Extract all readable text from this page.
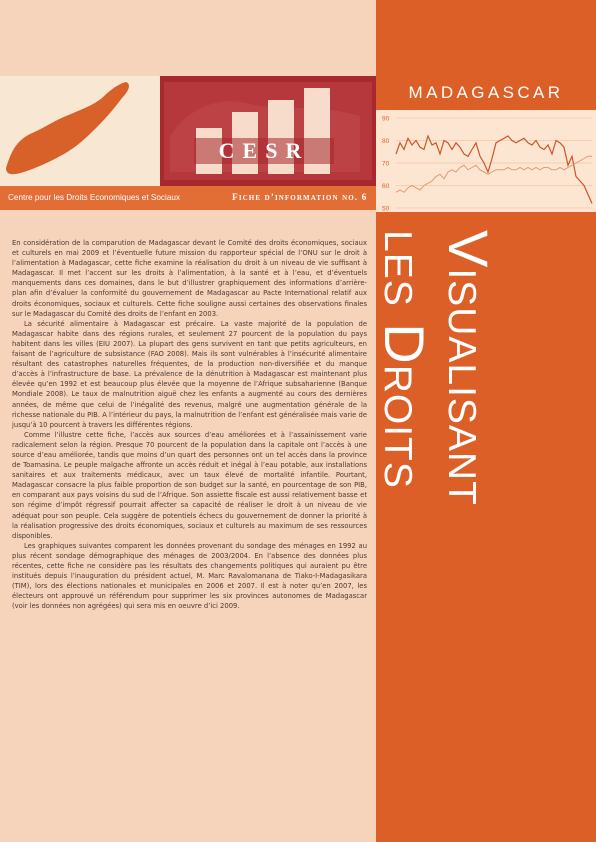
CESR
Centre pour les Droits Economiques et Sociaux	Fiche d’information no. 6
MADAGASCAR
90
80
70
60
50

En considération de la comparution de Madagascar devant le Comité des droits économiques, sociaux et culturels en mai 2009 et l’éventuelle future mission du rapporteur spécial de l’ONU sur le droit à l’alimentation à Madagascar, cette fiche examine la réalisation du droit à un niveau de vie suffisant à Madagascar. Il met l’accent sur les droits à l’alimentation, à la santé et à l’eau, et d’éventuels manquements dans ces domaines, dans le but d’illustrer graphiquement des informations d’arrière-plan afin d’évaluer la conformité du gouvernement de Madagascar au Pacte International relatif aux droits économiques, sociaux et culturels. Cette fiche souligne aussi certaines des observations finales sur le Madagascar du Comité des droits de l’enfant en 2003.

La sécurité alimentaire à Madagascar est précaire. La vaste majorité de la population de Madagascar habite dans des régions rurales, et seulement 27 pourcent de la population du pays habitent dans les villes (EIU 2007). La plupart des gens survivent en tant que petits agriculteurs, en faisant de l’agriculture de subsistance (FAO 2008). Mais ils sont vulnérables à l’insécurité alimentaire résultant des catastrophes naturelles fréquentes, de la production non-diversifiée et du manque d’accès à l’infrastructure de base. La prévalence de la dénutrition à Madagascar est maintenant plus élevée qu’en 1992 et est beaucoup plus élevée que la moyenne de l’Afrique subsaharienne (Banque Mondiale 2008). Le taux de malnutrition aiguë chez les enfants a augmenté au cours des dernières années, de même que celui de l’inégalité des revenus, malgré une augmentation générale de la richesse nationale du PIB. A l’intérieur du pays, la malnutrition de l’enfant est généralisée mais varie de jusqu’à 10 pourcent à travers les différentes régions.

Comme l’illustre cette fiche, l’accès aux sources d’eau améliorées et à l’assainissement varie radicalement selon la région. Presque 70 pourcent de la population dans la capitale ont l’accès à une source d’eau améliorée, tandis que moins d’un quart des personnes ont un tel accès dans la province de Toamasina. Le peuple malgache affronte un accès réduit et inégal à l’eau potable, aux installations sanitaires et aux traitements médicaux, avec un taux élevé de mortalité infantile. Pourtant, Madagascar consacre la plus faible proportion de son budget sur la santé, en pourcentage de son PIB, en comparant aux pays voisins du sud de l’Afrique. Son assiette fiscale est aussi relativement basse et son régime d’impôt régressif pourrait affecter sa capacité de réaliser le droit à un niveau de vie adéquat pour son peuple. Cela suggère de potentiels échecs du gouvernement de donner la priorité à la réalisation progressive des droits économiques, sociaux et culturels au maximum de ses ressources disponibles.

Les graphiques suivantes comparent les données provenant du sondage des ménages en 1992 au plus récent sondage démographique des ménages de 2003/2004. En l’absence des données plus récentes, cette fiche ne considère pas les résultats des changements politiques qui auraient pu être institués depuis l’inauguration du président actuel, M. Marc Ravalomanana de Tiako-I-Madagasikara (TIM), lors des élections nationales et municipales en 2006 et 2007. Il est à noter qu’en 2007, les électeurs ont approuvé un référendum pour supprimer les six provinces autonomes de Madagascar (voir les données non agrégées) qui sera mis en oeuvre d’ici 2009.

Visualisant
les Droits
